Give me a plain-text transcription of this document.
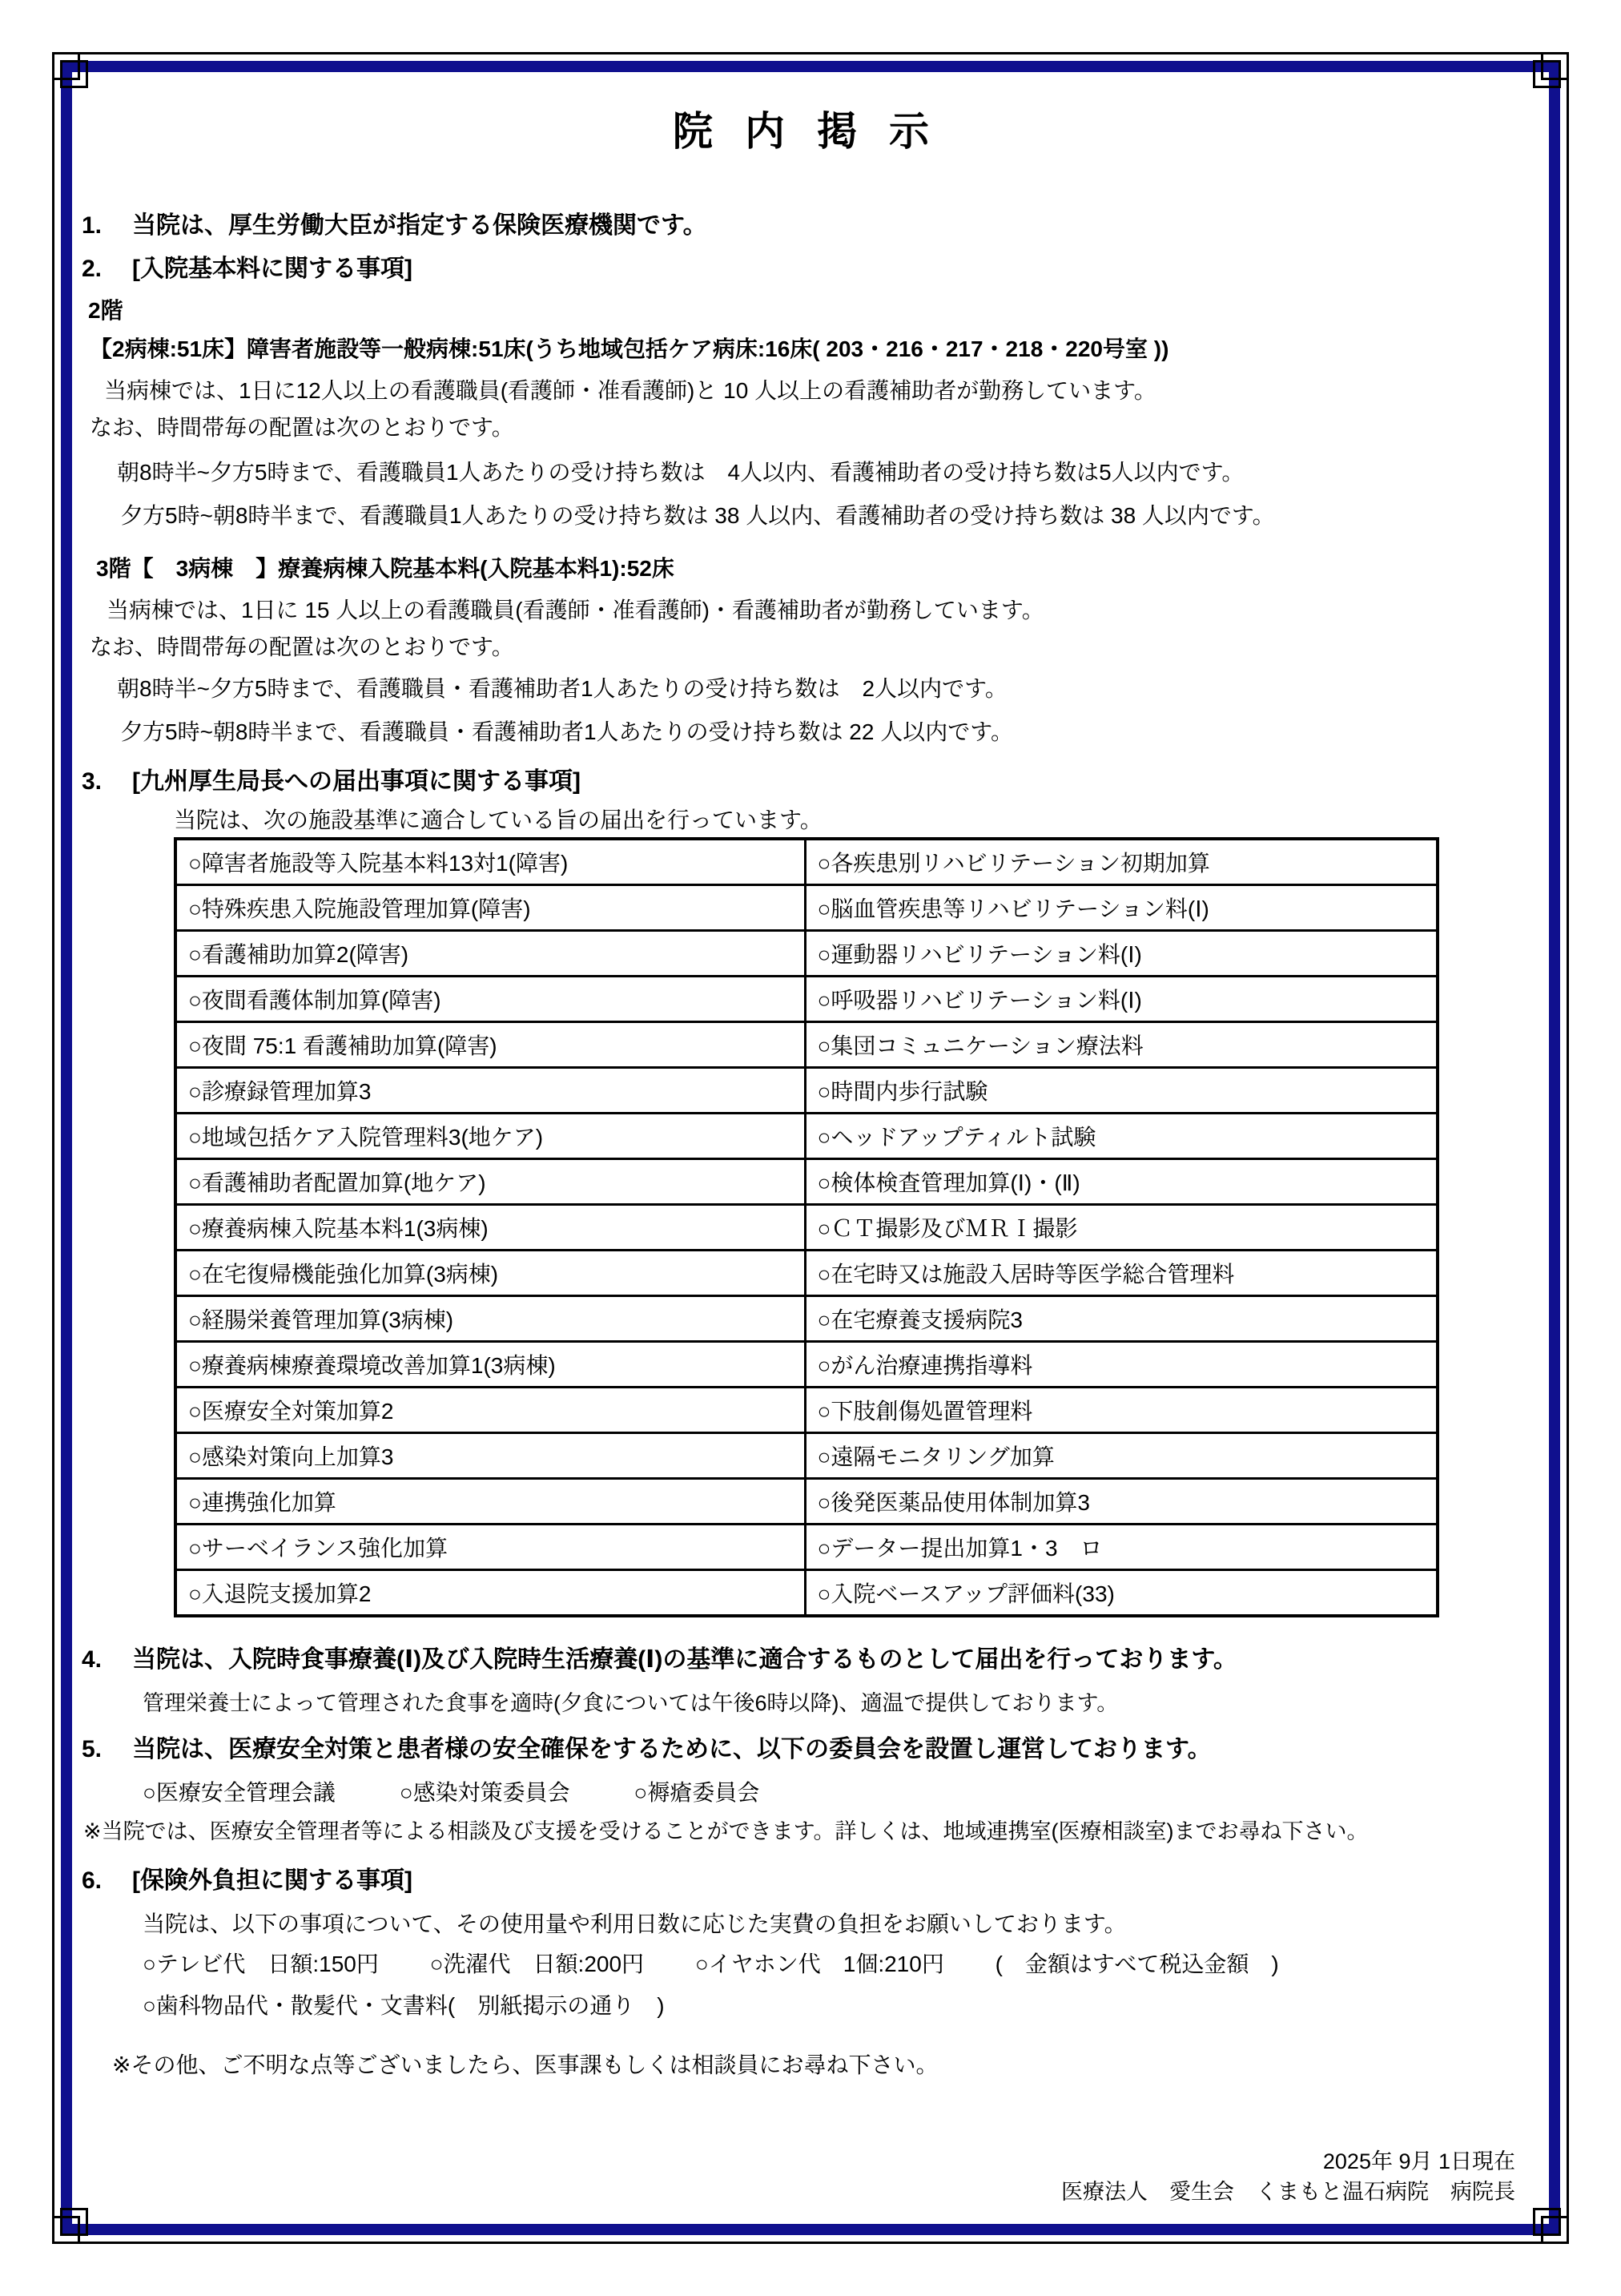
院内掲示
1. 当院は、厚生労働大臣が指定する保険医療機関です。
2. [入院基本料に関する事項]
2階
【2病棟:51床】障害者施設等一般病棟:51床(うち地域包括ケア病床:16床( 203・216・217・218・220号室 ))
当病棟では、1日に12人以上の看護職員(看護師・准看護師)と 10 人以上の看護補助者が勤務しています。
なお、時間帯毎の配置は次のとおりです。
朝8時半~夕方5時まで、看護職員1人あたりの受け持ち数は　4人以内、看護補助者の受け持ち数は5人以内です。
夕方5時~朝8時半まで、看護職員1人あたりの受け持ち数は 38 人以内、看護補助者の受け持ち数は 38 人以内です。
3階【　3病棟　】療養病棟入院基本料(入院基本料1):52床
当病棟では、1日に 15 人以上の看護職員(看護師・准看護師)・看護補助者が勤務しています。
なお、時間帯毎の配置は次のとおりです。
朝8時半~夕方5時まで、看護職員・看護補助者1人あたりの受け持ち数は　2人以内です。
夕方5時~朝8時半まで、看護職員・看護補助者1人あたりの受け持ち数は 22 人以内です。
3. [九州厚生局長への届出事項に関する事項]
当院は、次の施設基準に適合している旨の届出を行っています。
○障害者施設等入院基本料13対1(障害)	○各疾患別リハビリテーション初期加算
○特殊疾患入院施設管理加算(障害)	○脳血管疾患等リハビリテーション料(Ⅰ)
○看護補助加算2(障害)	○運動器リハビリテーション料(Ⅰ)
○夜間看護体制加算(障害)	○呼吸器リハビリテーション料(Ⅰ)
○夜間 75:1 看護補助加算(障害)	○集団コミュニケーション療法料
○診療録管理加算3	○時間内歩行試験
○地域包括ケア入院管理料3(地ケア)	○ヘッドアップティルト試験
○看護補助者配置加算(地ケア)	○検体検査管理加算(Ⅰ)・(Ⅱ)
○療養病棟入院基本料1(3病棟)	○ＣＴ撮影及びＭＲＩ撮影
○在宅復帰機能強化加算(3病棟)	○在宅時又は施設入居時等医学総合管理料
○経腸栄養管理加算(3病棟)	○在宅療養支援病院3
○療養病棟療養環境改善加算1(3病棟)	○がん治療連携指導料
○医療安全対策加算2	○下肢創傷処置管理料
○感染対策向上加算3	○遠隔モニタリング加算
○連携強化加算	○後発医薬品使用体制加算3
○サーベイランス強化加算	○データー提出加算1・3　ロ
○入退院支援加算2	○入院ベースアップ評価料(33)
4. 当院は、入院時食事療養(Ⅰ)及び入院時生活療養(Ⅰ)の基準に適合するものとして届出を行っております。
管理栄養士によって管理された食事を適時(夕食については午後6時以降)、適温で提供しております。
5. 当院は、医療安全対策と患者様の安全確保をするために、以下の委員会を設置し運営しております。
○医療安全管理会議	○感染対策委員会	○褥瘡委員会
※当院では、医療安全管理者等による相談及び支援を受けることができます。詳しくは、地域連携室(医療相談室)までお尋ね下さい。
6. [保険外負担に関する事項]
当院は、以下の事項について、その使用量や利用日数に応じた実費の負担をお願いしております。
○テレビ代　日額:150円 ○洗濯代　日額:200円 ○イヤホン代　1個:210円 (　金額はすべて税込金額　)
○歯科物品代・散髪代・文書料(　別紙掲示の通り　)
※その他、ご不明な点等ございましたら、医事課もしくは相談員にお尋ね下さい。
2025年 9月 1日現在
医療法人　愛生会　くまもと温石病院　病院長
